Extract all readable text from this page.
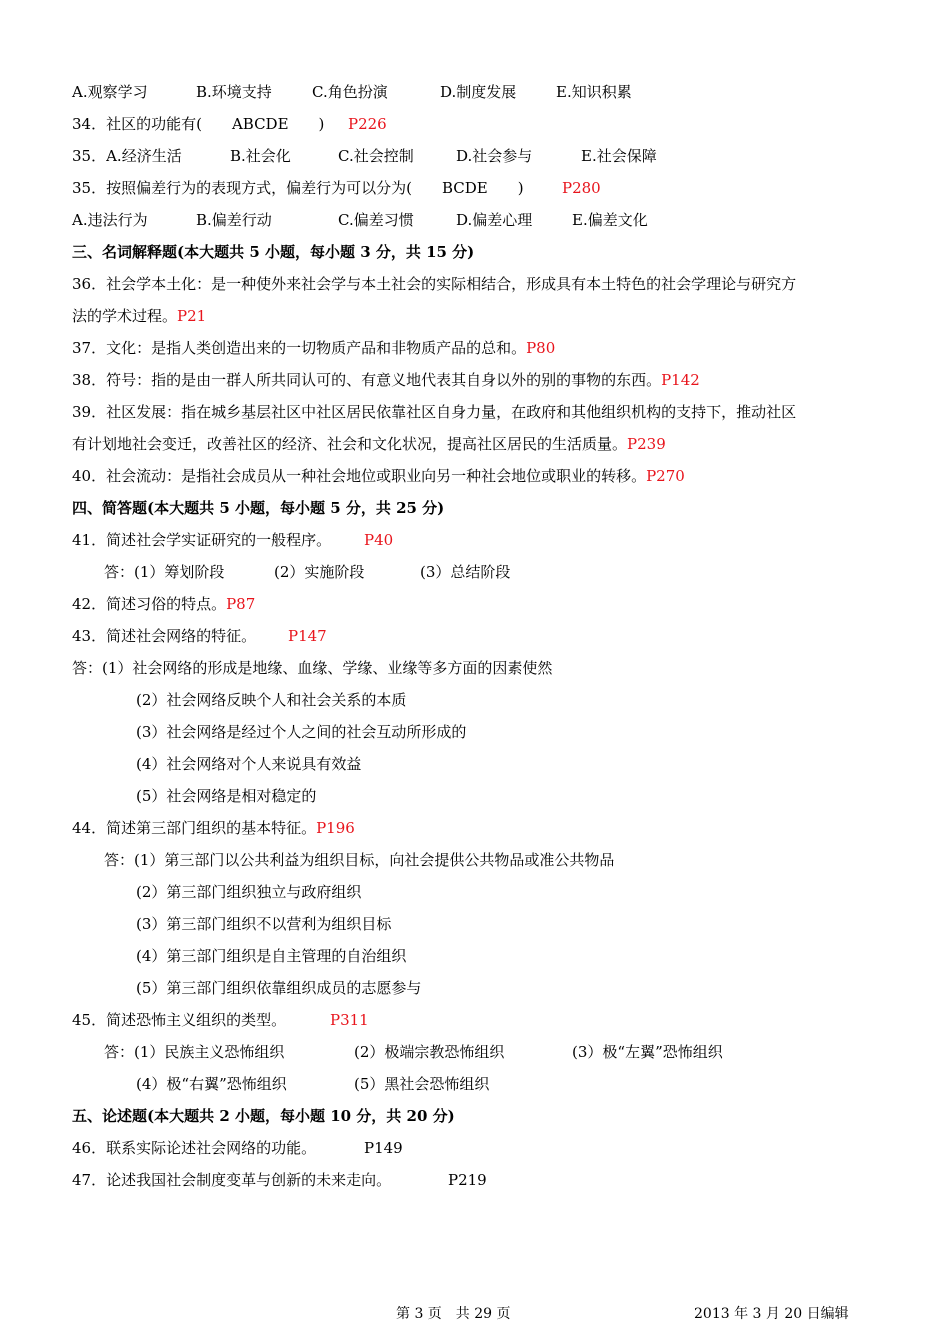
A.观察学习	B.环境支持	C.角色扮演	D.制度发展	E.知识积累
34．社区的功能有(　　ABCDE　　) P226
35．A.经济生活	B.社会化	C.社会控制	D.社会参与	E.社会保障
35．按照偏差行为的表现方式，偏差行为可以分为(　　BCDE　　)	P280
A.违法行为	B.偏差行动	C.偏差习惯	D.偏差心理	E.偏差文化
三、名词解释题(本大题共 5 小题，每小题 3 分，共 15 分)
36．社会学本土化：是一种使外来社会学与本土社会的实际相结合，形成具有本土特色的社会学理论与研究方
法的学术过程。P21
37．文化：是指人类创造出来的一切物质产品和非物质产品的总和。P80
38．符号：指的是由一群人所共同认可的、有意义地代表其自身以外的别的事物的东西。P142
39．社区发展：指在城乡基层社区中社区居民依靠社区自身力量，在政府和其他组织机构的支持下，推动社区
有计划地社会变迁，改善社区的经济、社会和文化状况，提高社区居民的生活质量。P239
40．社会流动：是指社会成员从一种社会地位或职业向另一种社会地位或职业的转移。P270
四、简答题(本大题共 5 小题，每小题 5 分，共 25 分)
41．简述社会学实证研究的一般程序。 P40
答：(1）筹划阶段	(2）实施阶段	(3）总结阶段
42．简述习俗的特点。P87
43．简述社会网络的特征。 P147
答：(1）社会网络的形成是地缘、血缘、学缘、业缘等多方面的因素使然
(2）社会网络反映个人和社会关系的本质
(3）社会网络是经过个人之间的社会互动所形成的
(4）社会网络对个人来说具有效益
(5）社会网络是相对稳定的
44．简述第三部门组织的基本特征。P196
答：(1）第三部门以公共利益为组织目标，向社会提供公共物品或准公共物品
(2）第三部门组织独立与政府组织
(3）第三部门组织不以营利为组织目标
(4）第三部门组织是自主管理的自治组织
(5）第三部门组织依靠组织成员的志愿参与
45．简述恐怖主义组织的类型。	P311
答：(1）民族主义恐怖组织	(2）极端宗教恐怖组织	(3）极“左翼”恐怖组织
(4）极“右翼”恐怖组织	(5）黑社会恐怖组织
五、论述题(本大题共 2 小题，每小题 10 分，共 20 分)
46．联系实际论述社会网络的功能。	P149
47．论述我国社会制度变革与创新的未来走向。	P219
第 3 页　共 29 页	2013 年 3 月 20 日编辑
